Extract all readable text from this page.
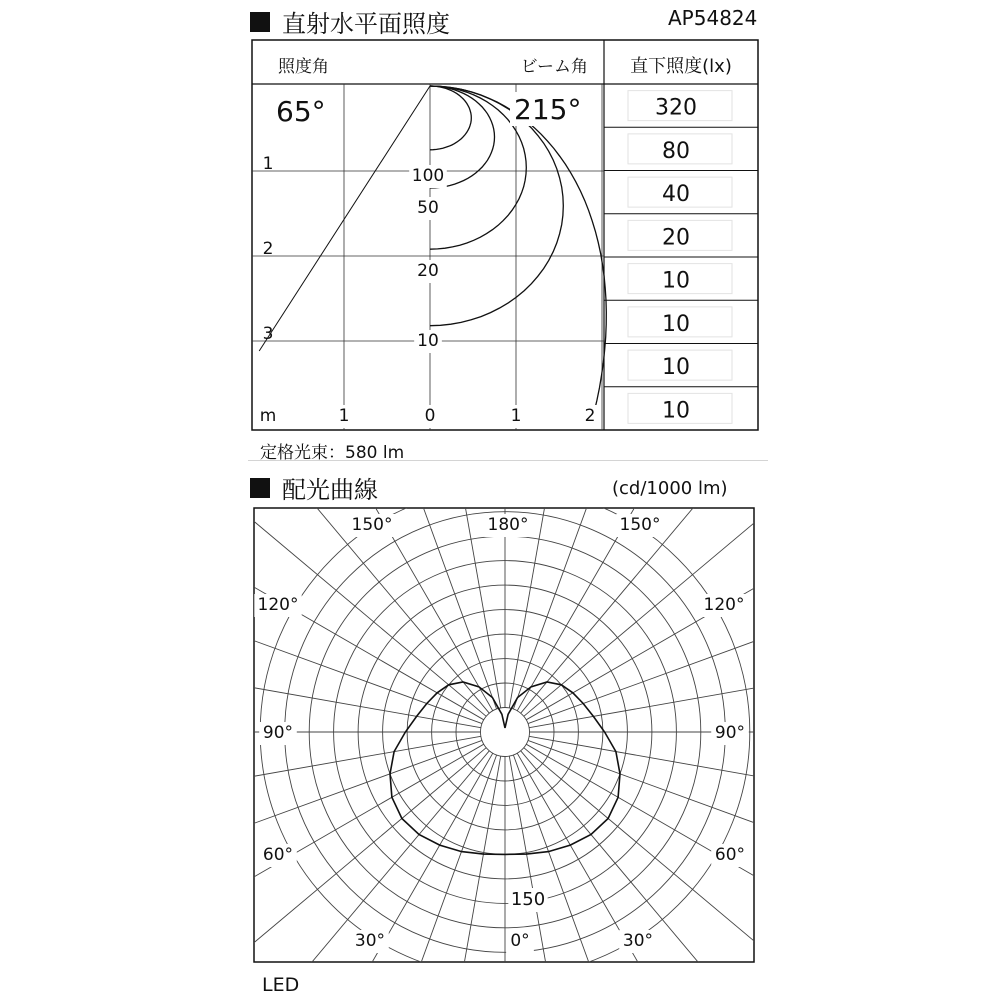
直射水平面照度	AP54824
照度角	ビーム角 直下照度(lx)
65°	215°
m	1	0	1	2
1
2
3
100
50
20
10
320
80
40
20
10
10
10
10
定格光束：580 lm
配光曲線	(cd/1000 lm)
150°
120°
90°
60°
30°
150°
120°
90°
60°
30°
180°
0°
150
LED
